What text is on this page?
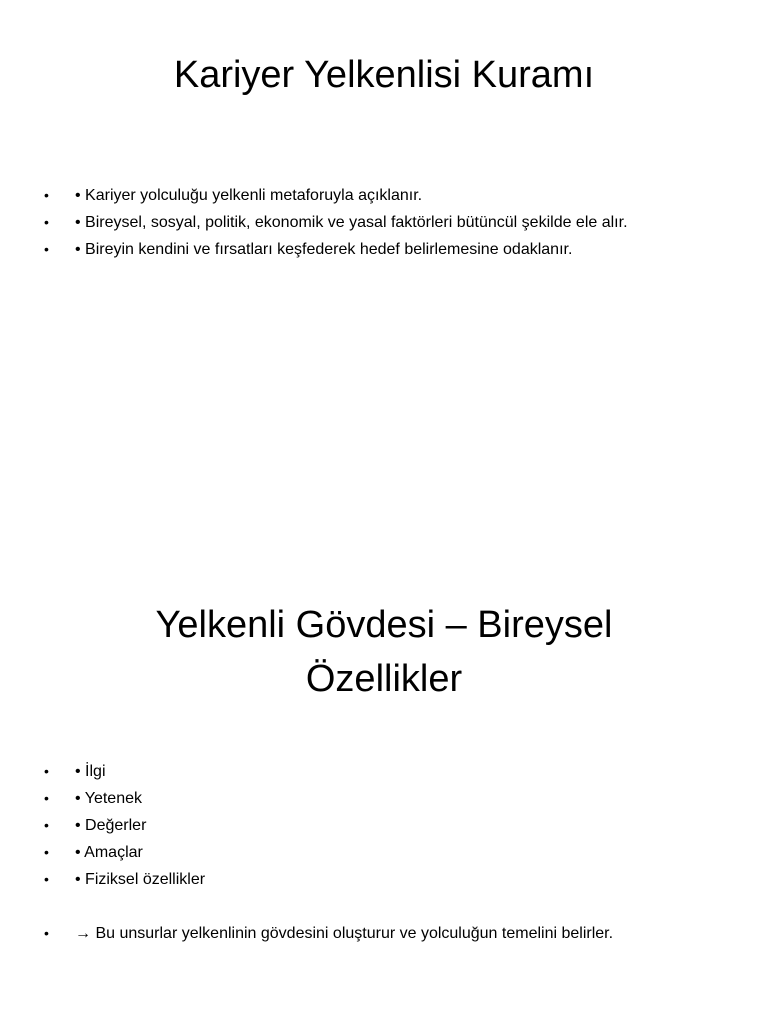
Kariyer Yelkenlisi Kuramı
• • Kariyer yolculuğu yelkenli metaforuyla açıklanır.
• • Bireysel, sosyal, politik, ekonomik ve yasal faktörleri bütüncül şekilde ele alır.
• • Bireyin kendini ve fırsatları keşfederek hedef belirlemesine odaklanır.
Yelkenli Gövdesi – Bireysel
Özellikler
• • İlgi
• • Yetenek
• • Değerler
• • Amaçlar
• • Fiziksel özellikler
• → Bu unsurlar yelkenlinin gövdesini oluşturur ve yolculuğun temelini belirler.
